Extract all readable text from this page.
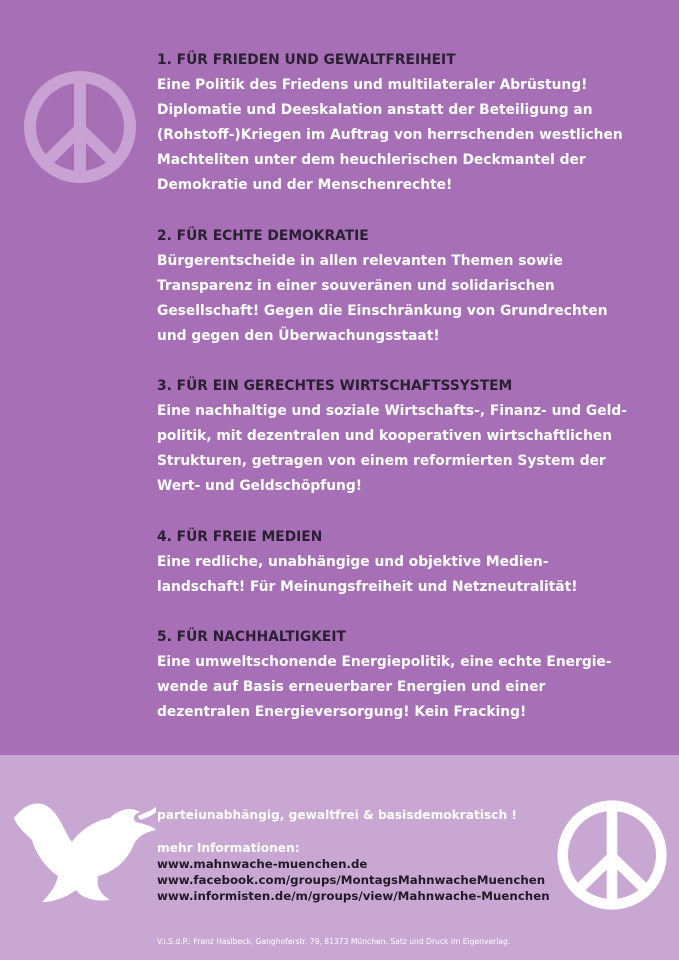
1. FÜR FRIEDEN UND GEWALTFREIHEIT
Eine Politik des Friedens und multilateraler Abrüstung!
Diplomatie und Deeskalation anstatt der Beteiligung an
(Rohstoff-)Kriegen im Auftrag von herrschenden westlichen
Machteliten unter dem heuchlerischen Deckmantel der
Demokratie und der Menschenrechte!
2. FÜR ECHTE DEMOKRATIE
Bürgerentscheide in allen relevanten Themen sowie
Transparenz in einer souveränen und solidarischen
Gesellschaft! Gegen die Einschränkung von Grundrechten
und gegen den Überwachungsstaat!
3. FÜR EIN GERECHTES WIRTSCHAFTSSYSTEM
Eine nachhaltige und soziale Wirtschafts-, Finanz- und Geld-
politik, mit dezentralen und kooperativen wirtschaftlichen
Strukturen, getragen von einem reformierten System der
Wert- und Geldschöpfung!
4. FÜR FREIE MEDIEN
Eine redliche, unabhängige und objektive Medien-
landschaft! Für Meinungsfreiheit und Netzneutralität!
5. FÜR NACHHALTIGKEIT
Eine umweltschonende Energiepolitik, eine echte Energie-
wende auf Basis erneuerbarer Energien und einer
dezentralen Energieversorgung! Kein Fracking!
parteiunabhängig, gewaltfrei & basisdemokratisch !
mehr Informationen:
www.mahnwache-muenchen.de
www.facebook.com/groups/MontagsMahnwacheMuenchen
www.informisten.de/m/groups/view/Mahnwache-Muenchen
V.i.S.d.P.: Franz Haslbeck, Ganghoferstr. 79, 81373 München. Satz und Druck im Eigenverlag.
